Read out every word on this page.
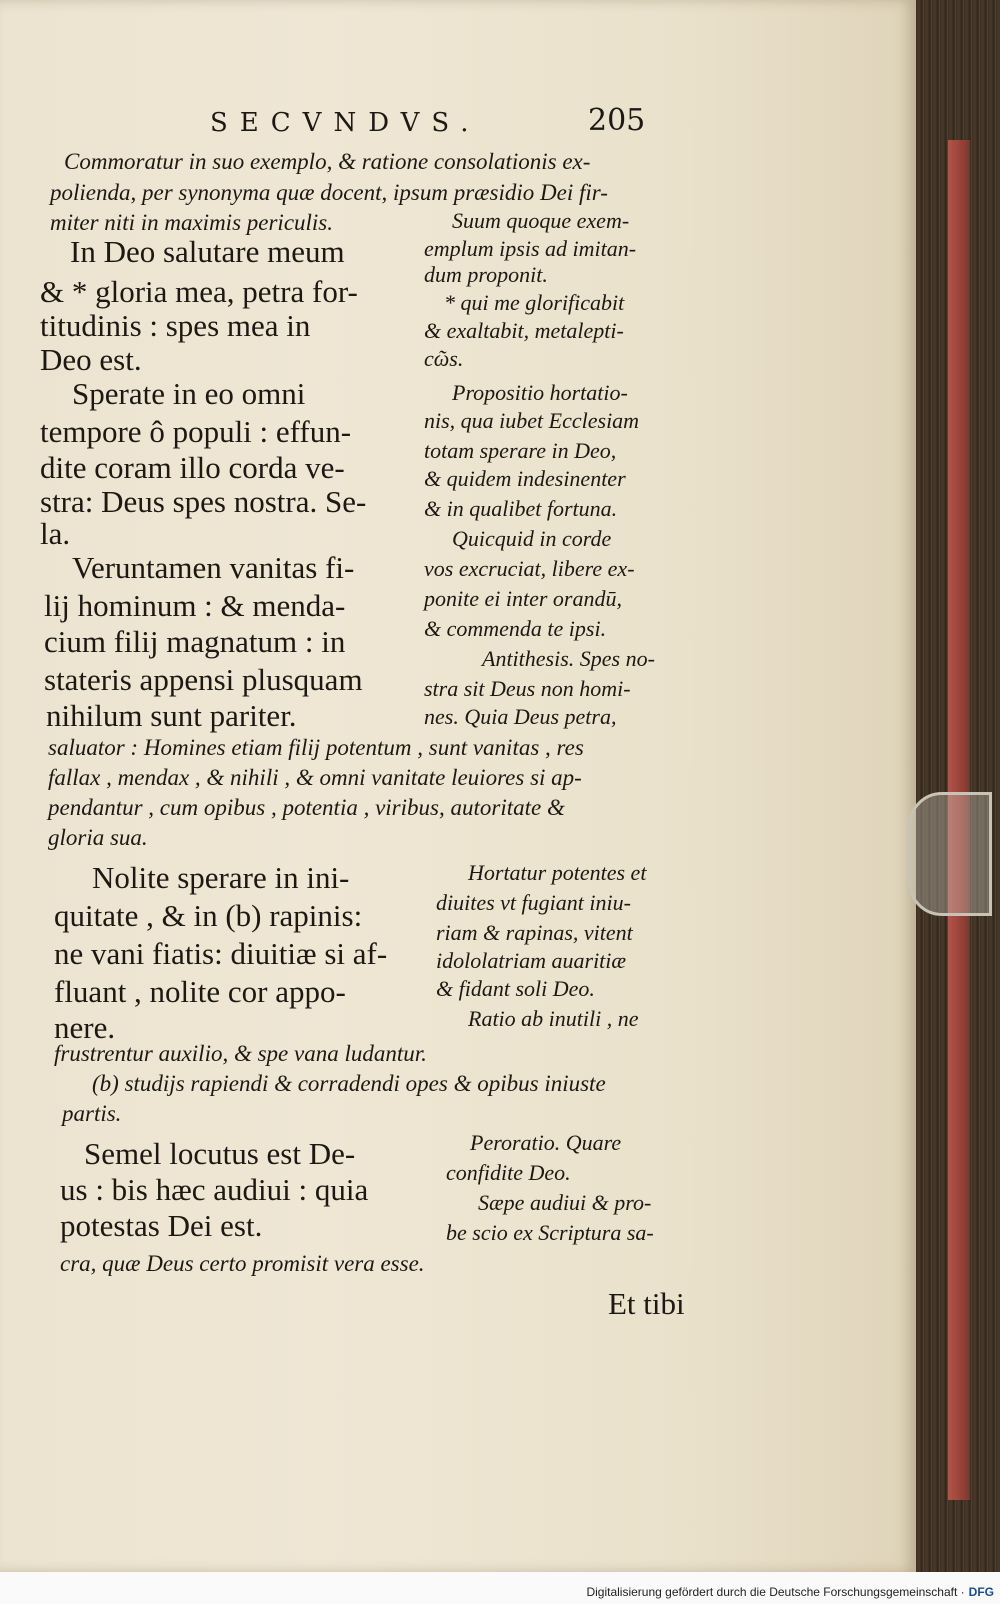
SECVNDVS.	205
Commoratur in suo exemplo, & ratione consolationis ex-
polienda, per synonyma quæ docent, ipsum præsidio Dei fir-
miter niti in maximis periculis.	Suum quoque exem-
In Deo salutare meum	emplum ipsis ad imitan-
& * gloria mea, petra for-	dum proponit.
titudinis : spes mea in
* qui me glorificabit
Deo est.
& exaltabit, metalepti-
cῶs.
Sperate in eo omni	Propositio hortatio-
tempore ô populi : effun-	nis, qua iubet Ecclesiam
dite coram illo corda ve-	totam sperare in Deo,
stra: Deus spes nostra. Se-
& quidem indesinenter
la.
& in qualibet fortuna.
Quicquid in corde
Veruntamen vanitas fi-	vos excruciat, libere ex-
lij hominum : & menda-	ponite ei inter orandū,
cium filij magnatum : in	& commenda te ipsi.
Antithesis. Spes no-
stateris appensi plusquam	stra sit Deus non homi-
nihilum sunt pariter.	nes. Quia Deus petra,
saluator : Homines etiam filij potentum , sunt vanitas , res
fallax , mendax , & nihili , & omni vanitate leuiores si ap-
pendantur , cum opibus , potentia , viribus, autoritate &
gloria sua.
Nolite sperare in ini-	Hortatur potentes et
quitate , & in (b) rapinis:	diuites vt fugiant iniu-
ne vani fiatis: diuitiæ si af-
riam & rapinas, vitent
fluant , nolite cor appo-
idololatriam auaritiæ
& fidant soli Deo.
nere.	Ratio ab inutili , ne
frustrentur auxilio, & spe vana ludantur.
(b) studijs rapiendi & corradendi opes & opibus iniuste
partis.
Semel locutus est De-	Peroratio. Quare
us : bis hæc audiui : quia	confidite Deo.
potestas Dei est.
Sæpe audiui & pro-
be scio ex Scriptura sa-
cra, quæ Deus certo promisit vera esse.
Et tibi
Digitalisierung gefördert durch die Deutsche Forschungsgemeinschaft · DFG
